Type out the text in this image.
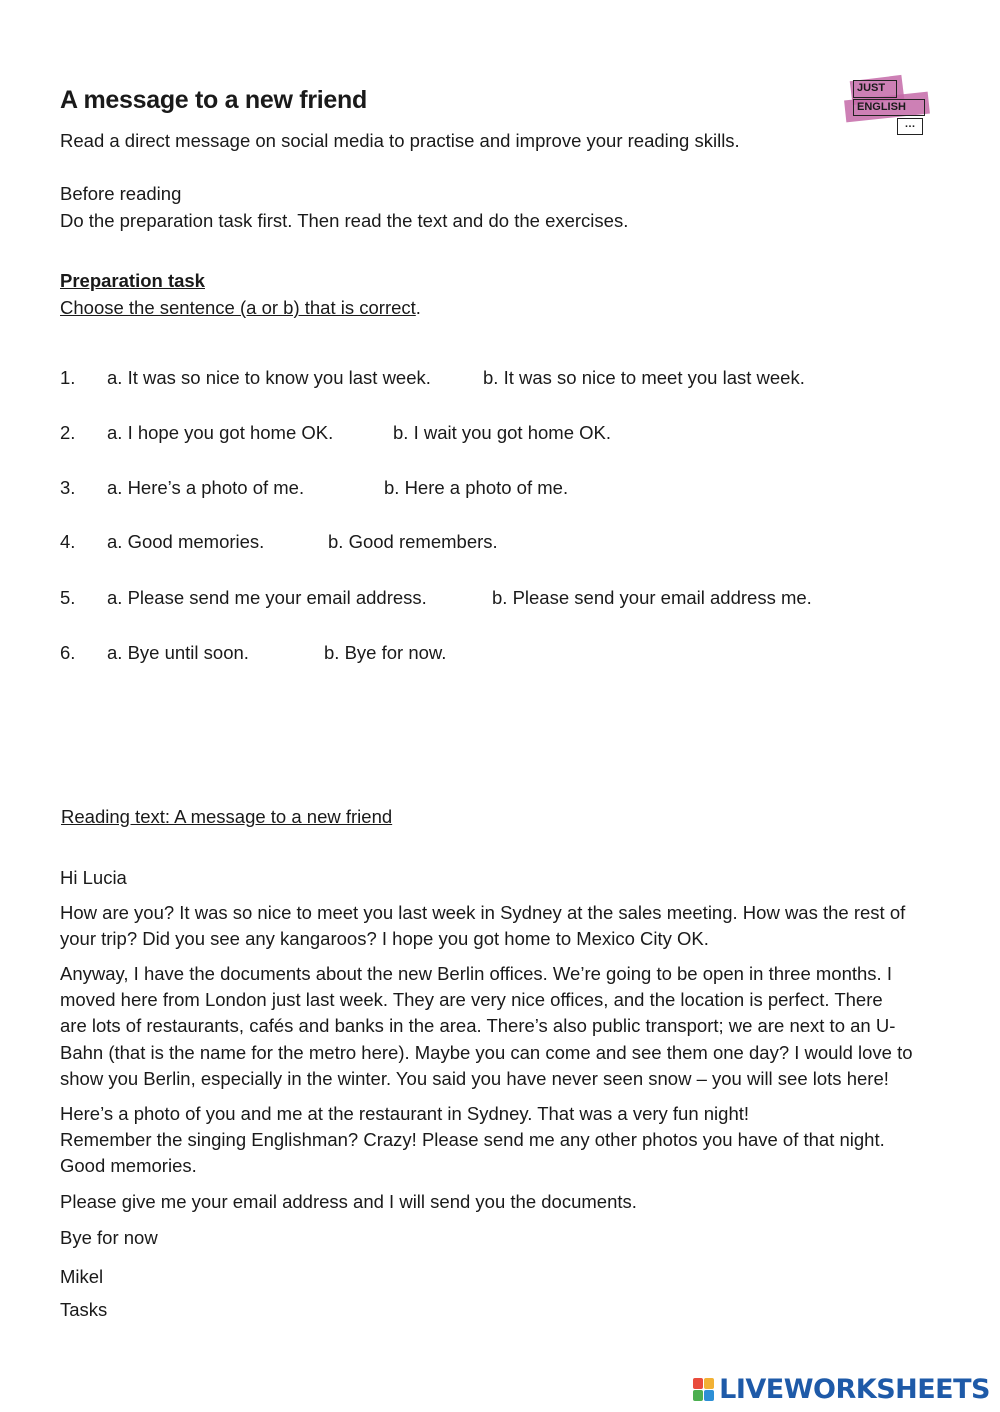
A message to a new friend	JUST
ENGLISH
…
Read a direct message on social media to practise and improve your reading skills.
Before reading
Do the preparation task first. Then read the text and do the exercises.
Preparation task
Choose the sentence (a or b) that is correct.
1. a. It was so nice to know you last week.	b. It was so nice to meet you last week.
2. a. I hope you got home OK.	b. I wait you got home OK.
3. a. Here’s a photo of me.	b. Here a photo of me.
4. a. Good memories.	b. Good remembers.
5. a. Please send me your email address.	b. Please send your email address me.
6. a. Bye until soon.	b. Bye for now.
Reading text: A message to a new friend
Hi Lucia
How are you? It was so nice to meet you last week in Sydney at the sales meeting. How was the rest of
your trip? Did you see any kangaroos? I hope you got home to Mexico City OK.
Anyway, I have the documents about the new Berlin offices. We’re going to be open in three months. I
moved here from London just last week. They are very nice offices, and the location is perfect. There
are lots of restaurants, cafés and banks in the area. There’s also public transport; we are next to an U-
Bahn (that is the name for the metro here). Maybe you can come and see them one day? I would love to
show you Berlin, especially in the winter. You said you have never seen snow – you will see lots here!
Here’s a photo of you and me at the restaurant in Sydney. That was a very fun night!
Remember the singing Englishman? Crazy! Please send me any other photos you have of that night.
Good memories.
Please give me your email address and I will send you the documents.
Bye for now
Mikel
Tasks
LIVEWORKSHEETS
